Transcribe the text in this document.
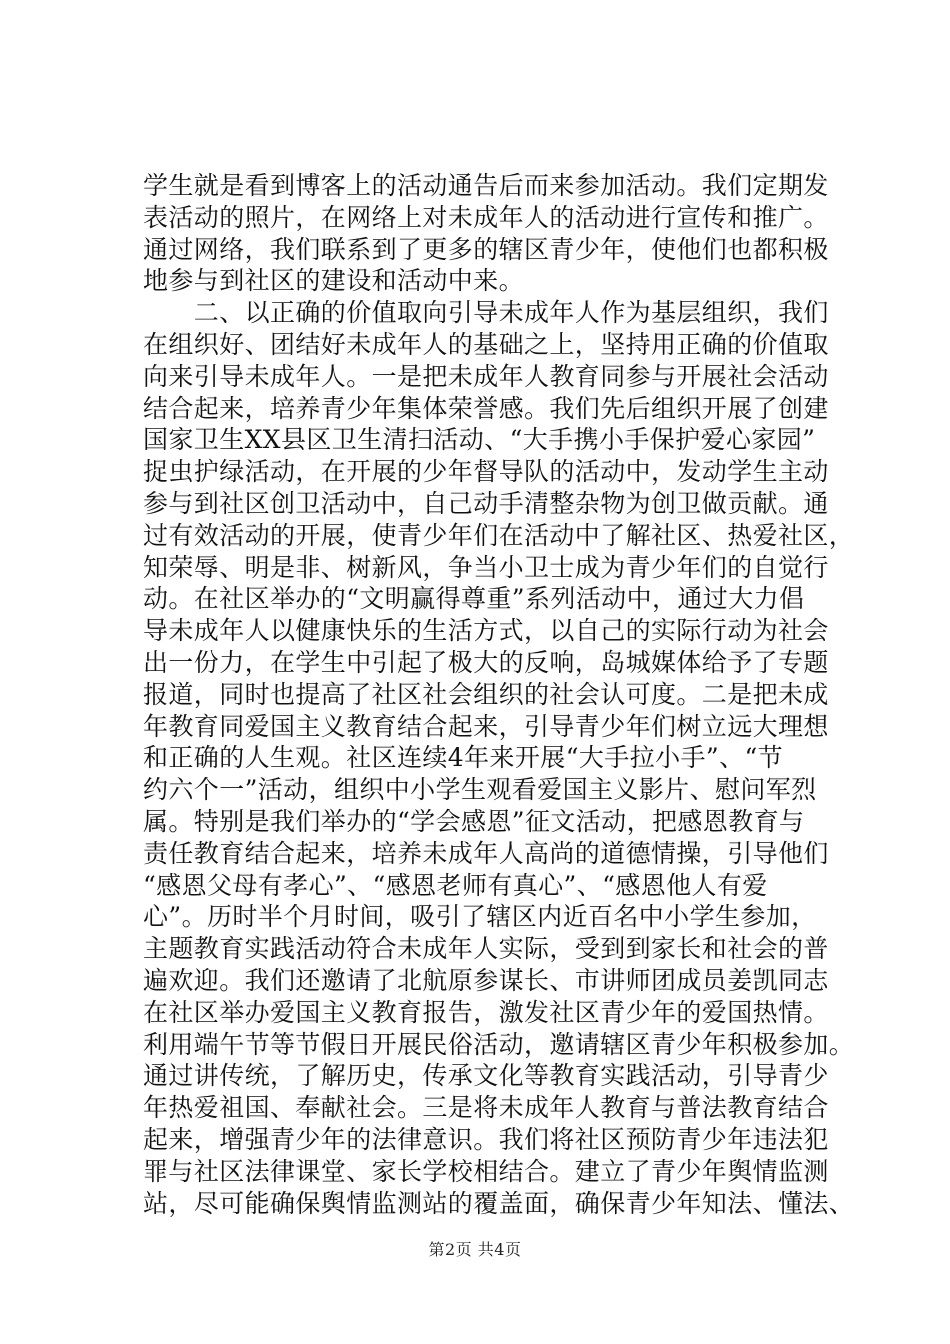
学生就是看到博客上的活动通告后而来参加活动。我们定期发
表活动的照片，在网络上对未成年人的活动进行宣传和推广。
通过网络，我们联系到了更多的辖区青少年，使他们也都积极
地参与到社区的建设和活动中来。
　　二、以正确的价值取向引导未成年人作为基层组织，我们
在组织好、团结好未成年人的基础之上，坚持用正确的价值取
向来引导未成年人。一是把未成年人教育同参与开展社会活动
结合起来，培养青少年集体荣誉感。我们先后组织开展了创建
国家卫生XX县区卫生清扫活动、“大手携小手保护爱心家园”
捉虫护绿活动，在开展的少年督导队的活动中，发动学生主动
参与到社区创卫活动中，自己动手清整杂物为创卫做贡献。通
过有效活动的开展，使青少年们在活动中了解社区、热爱社区，
知荣辱、明是非、树新风，争当小卫士成为青少年们的自觉行
动。在社区举办的“文明赢得尊重”系列活动中，通过大力倡
导未成年人以健康快乐的生活方式，以自己的实际行动为社会
出一份力，在学生中引起了极大的反响，岛城媒体给予了专题
报道，同时也提高了社区社会组织的社会认可度。二是把未成
年教育同爱国主义教育结合起来，引导青少年们树立远大理想
和正确的人生观。社区连续4年来开展“大手拉小手”、“节
约六个一”活动，组织中小学生观看爱国主义影片、慰问军烈
属。特别是我们举办的“学会感恩”征文活动，把感恩教育与
责任教育结合起来，培养未成年人高尚的道德情操，引导他们
“感恩父母有孝心”、“感恩老师有真心”、“感恩他人有爱
心”。历时半个月时间，吸引了辖区内近百名中小学生参加，
主题教育实践活动符合未成年人实际，受到到家长和社会的普
遍欢迎。我们还邀请了北航原参谋长、市讲师团成员姜凯同志
在社区举办爱国主义教育报告，激发社区青少年的爱国热情。
利用端午节等节假日开展民俗活动，邀请辖区青少年积极参加。
通过讲传统，了解历史，传承文化等教育实践活动，引导青少
年热爱祖国、奉献社会。三是将未成年人教育与普法教育结合
起来，增强青少年的法律意识。我们将社区预防青少年违法犯
罪与社区法律课堂、家长学校相结合。建立了青少年舆情监测
站，尽可能确保舆情监测站的覆盖面，确保青少年知法、懂法、
第2页 共4页
